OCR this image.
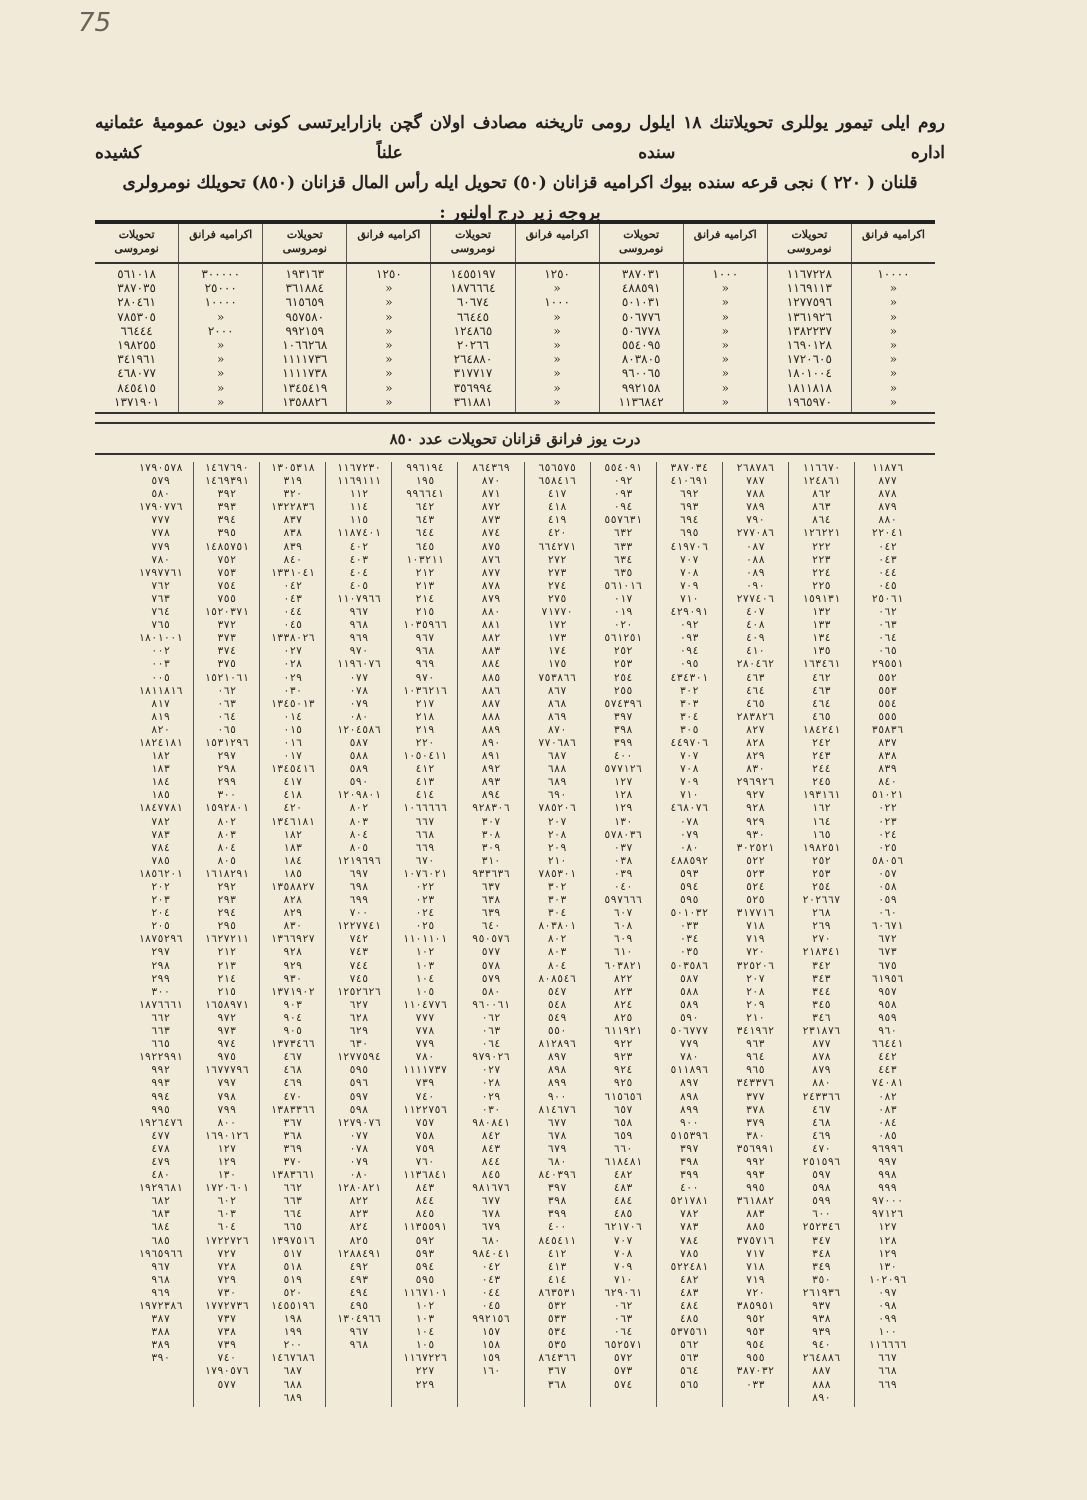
75
روم ایلی تیمور یوللری تحویلاتنك ١٨ ایلول رومی تاریخنه مصادف اولان گچن بازارایرتسی کونی دیون عمومیهٔ عثمانیه اداره سنده علناً کشیده
قلنان ( ٢٢٠ ) نجی قرعه سنده بیوك اکرامیه قزانان (٥٠) تحویل ایله رأس المال قزانان (٨٥٠) تحویلك نومرولری
بروجه زیر درج اولنور :
اکرامیه فرانق
تحویلات نومروسی
اکرامیه فرانق
تحویلات نومروسی
اکرامیه فرانق
تحویلات نومروسی
اکرامیه فرانق
تحویلات نومروسی
اکرامیه فرانق
تحویلات نومروسی
١٠٠٠٠
»
»
»
»
»
»
»
»
»
١١٦٧٢٢٨
١١٦٩١١٣
١٢٧٧٥٩٦
١٣٦١٩٢٦
١٣٨٢٢٣٧
١٦٩٠١٢٨
١٧٢٠٦٠٥
١٨٠١٠٠٤
١٨١١٨١٨
١٩٦٥٩٧٠
١٠٠٠
»
»
»
»
»
»
»
»
»
٣٨٧٠٣١
٤٨٨٥٩١
٥٠١٠٣١
٥٠٦٧٧٦
٥٠٦٧٧٨
٥٥٤٠٩٥
٨٠٣٨٠٥
٩٦٠٠٦٥
٩٩٢١٥٨
١١٣٦٨٤٢
١٢٥٠
»
١٠٠٠
»
»
»
»
»
»
»
١٤٥٥١٩٧
١٨٧٦٦٦٤
٦٠٦٧٤
٦٦٤٤٥
١٢٤٨٦٥
٢٠٢٦٦
٢٦٤٨٨٠
٣١٧٧١٧
٣٥٦٩٩٤
٣٦١٨٨١
١٢٥٠
»
»
»
»
»
»
»
»
»
١٩٣١٦٣
٣٦١٨٨٤
٦١٥٦٥٩
٩٥٧٥٨٠
٩٩٢١٥٩
١٠٦٦٢٦٨
١١١١٧٣٦
١١١١٧٣٨
١٣٤٥٤١٩
١٣٥٨٨٢٦
٣٠٠٠٠٠
٢٥٠٠٠
١٠٠٠٠
»
٢٠٠٠
»
»
»
»
»
٥٦١٠١٨
٣٨٧٠٣٥
٢٨٠٤٦١
٧٨٥٣٠٥
٦٦٤٤٤
١٩٨٢٥٥
٣٤١٩٦١
٤٦٨٠٧٧
٨٤٥٤١٥
١٣٧١٩٠١
درت یوز فرانق قزانان تحویلات عدد ٨٥٠
١١٨٧٦
٨٧٧
٨٧٨
٨٧٩
٨٨٠
٢٢٠٤١
٠٤٢
٠٤٣
٠٤٤
٠٤٥
٢٥٠٦١
٠٦٢
٠٦٣
٠٦٤
٠٦٥
٢٩٥٥١
٥٥٢
٥٥٣
٥٥٤
٥٥٥
٣٥٨٣٦
٨٣٧
٨٣٨
٨٣٩
٨٤٠
٥١٠٢١
٠٢٢
٠٢٣
٠٢٤
٠٢٥
٥٨٠٥٦
٠٥٧
٠٥٨
٠٥٩
٠٦٠
٦٠٦٧١
٦٧٢
٦٧٣
٦٧٥
٦١٩٥٦
٩٥٧
٩٥٨
٩٥٩
٩٦٠
٦٦٤٤١
٤٤٢
٤٤٣
٧٤٠٨١
٠٨٢
٠٨٣
٠٨٤
٠٨٥
٩٦٩٩٦
٩٩٧
٩٩٨
٩٩٩
٩٧٠٠٠
٩٧١٢٦
١٢٧
١٢٨
١٢٩
١٣٠
١٠٢٠٩٦
٠٩٧
٠٩٨
٠٩٩
١٠٠
١١٦٦٦٦
٦٦٧
٦٦٨
٦٦٩
١١٦٦٧٠
١٢٤٨٦١
٨٦٢
٨٦٣
٨٦٤
١٢٦٢٢١
٢٢٢
٢٢٣
٢٢٤
٢٢٥
١٥٩١٣١
١٣٢
١٣٣
١٣٤
١٣٥
١٦٣٤٦١
٤٦٢
٤٦٣
٤٦٤
٤٦٥
١٨٤٢٤١
٢٤٢
٢٤٣
٢٤٤
٢٤٥
١٩٣١٦١
١٦٢
١٦٤
١٦٥
١٩٨٢٥١
٢٥٢
٢٥٣
٢٥٤
٢٠٢٦٦٧
٢٦٨
٢٦٩
٢٧٠
٢١٨٣٤١
٣٤٢
٣٤٣
٣٤٤
٣٤٥
٣٤٦
٢٣١٨٧٦
٨٧٧
٨٧٨
٨٧٩
٨٨٠
٢٤٣٣٦٦
٤٦٧
٤٦٨
٤٦٩
٤٧٠
٢٥١٥٩٦
٥٩٧
٥٩٨
٥٩٩
٦٠٠
٢٥٢٣٤٦
٣٤٧
٣٤٨
٣٤٩
٣٥٠
٢٦١٩٣٦
٩٣٧
٩٣٨
٩٣٩
٩٤٠
٢٦٤٨٨٦
٨٨٧
٨٨٨
٨٩٠
٢٦٨٧٨٦
٧٨٧
٧٨٨
٧٨٩
٧٩٠
٢٧٧٠٨٦
٠٨٧
٠٨٨
٠٨٩
٠٩٠
٢٧٧٤٠٦
٤٠٧
٤٠٨
٤٠٩
٤١٠
٢٨٠٤٦٢
٤٦٣
٤٦٤
٤٦٥
٢٨٣٨٢٦
٨٢٧
٨٢٨
٨٢٩
٨٣٠
٢٩٦٩٢٦
٩٢٧
٩٢٨
٩٢٩
٩٣٠
٣٠٢٥٢١
٥٢٢
٥٢٣
٥٢٤
٥٢٥
٣١٧٧١٦
٧١٨
٧١٩
٧٢٠
٣٢٥٢٠٦
٢٠٧
٢٠٨
٢٠٩
٢١٠
٣٤١٩٦٢
٩٦٣
٩٦٤
٩٦٥
٣٤٣٣٧٦
٣٧٧
٣٧٨
٣٧٩
٣٨٠
٣٥٦٩٩١
٩٩٢
٩٩٣
٩٩٥
٣٦١٨٨٢
٨٨٣
٨٨٥
٣٧٥٧١٦
٧١٧
٧١٨
٧١٩
٧٢٠
٣٨٥٩٥١
٩٥٢
٩٥٣
٩٥٤
٩٥٥
٣٨٧٠٣٢
٠٣٣
٣٨٧٠٣٤
٤١٠٦٩١
٦٩٢
٦٩٣
٦٩٤
٦٩٥
٤١٩٧٠٦
٧٠٧
٧٠٨
٧٠٩
٧١٠
٤٢٩٠٩١
٠٩٢
٠٩٣
٠٩٤
٠٩٥
٤٣٤٣٠١
٣٠٢
٣٠٣
٣٠٤
٣٠٥
٤٤٩٧٠٦
٧٠٧
٧٠٨
٧٠٩
٧١٠
٤٦٨٠٧٦
٠٧٨
٠٧٩
٠٨٠
٤٨٨٥٩٢
٥٩٣
٥٩٤
٥٩٥
٥٠١٠٣٢
٠٣٣
٠٣٤
٠٣٥
٥٠٣٥٨٦
٥٨٧
٥٨٨
٥٨٩
٥٩٠
٥٠٦٧٧٧
٧٧٩
٧٨٠
٥١١٨٩٦
٨٩٧
٨٩٨
٨٩٩
٩٠٠
٥١٥٣٩٦
٣٩٧
٣٩٨
٣٩٩
٤٠٠
٥٢١٧٨١
٧٨٢
٧٨٣
٧٨٤
٧٨٥
٥٢٢٤٨١
٤٨٢
٤٨٣
٤٨٤
٤٨٥
٥٣٧٥٦١
٥٦٢
٥٦٣
٥٦٤
٥٦٥
٥٥٤٠٩١
٠٩٢
٠٩٣
٠٩٤
٥٥٧٦٣١
٦٣٢
٦٣٣
٦٣٤
٦٣٥
٥٦١٠١٦
٠١٧
٠١٩
٠٢٠
٥٦١٢٥١
٢٥٢
٢٥٣
٢٥٤
٢٥٥
٥٧٤٣٩٦
٣٩٧
٣٩٨
٣٩٩
٤٠٠
٥٧٧١٢٦
١٢٧
١٢٨
١٢٩
١٣٠
٥٧٨٠٣٦
٠٣٧
٠٣٨
٠٣٩
٠٤٠
٥٩٧٦٦٦
٦٠٧
٦٠٨
٦٠٩
٦١٠
٦٠٣٨٢١
٨٢٢
٨٢٣
٨٢٤
٨٢٥
٦١١٩٢١
٩٢٢
٩٢٣
٩٢٤
٩٢٥
٦١٥٦٥٦
٦٥٧
٦٥٨
٦٥٩
٦٦٠
٦١٨٤٨١
٤٨٢
٤٨٣
٤٨٤
٤٨٥
٦٢١٧٠٦
٧٠٧
٧٠٨
٧٠٩
٧١٠
٦٢٩٠٦١
٠٦٢
٠٦٣
٠٦٤
٦٥٢٥٧١
٥٧٢
٥٧٣
٥٧٤
٦٥٦٥٧٥
٦٥٨٤١٦
٤١٧
٤١٨
٤١٩
٤٢٠
٦٦٤٢٧١
٢٧٢
٢٧٣
٢٧٤
٢٧٥
٧١٧٧٠
١٧٢
١٧٣
١٧٤
١٧٥
٧٥٣٨٦٦
٨٦٧
٨٦٨
٨٦٩
٨٧٠
٧٧٠٦٨٦
٦٨٧
٦٨٨
٦٨٩
٦٩٠
٧٨٥٢٠٦
٢٠٧
٢٠٨
٢٠٩
٢١٠
٧٨٥٣٠١
٣٠٢
٣٠٣
٣٠٤
٨٠٣٨٠١
٨٠٢
٨٠٣
٨٠٤
٨٠٨٥٤٦
٥٤٧
٥٤٨
٥٤٩
٥٥٠
٨١٢٨٩٦
٨٩٧
٨٩٨
٨٩٩
٩٠٠
٨١٤٦٧٦
٦٧٧
٦٧٨
٦٧٩
٦٨٠
٨٤٠٣٩٦
٣٩٧
٣٩٨
٣٩٩
٤٠٠
٨٤٥٤١١
٤١٢
٤١٣
٤١٤
٨٦٣٥٣١
٥٣٢
٥٣٣
٥٣٤
٥٣٥
٨٦٤٣٦٦
٣٦٧
٣٦٨
٨٦٤٣٦٩
٨٧٠
٨٧١
٨٧٢
٨٧٣
٨٧٤
٨٧٥
٨٧٦
٨٧٧
٨٧٨
٨٧٩
٨٨٠
٨٨١
٨٨٢
٨٨٣
٨٨٤
٨٨٥
٨٨٦
٨٨٧
٨٨٨
٨٨٩
٨٩٠
٨٩١
٨٩٢
٨٩٣
٨٩٤
٩٢٨٣٠٦
٣٠٧
٣٠٨
٣٠٩
٣١٠
٩٣٣٦٣٦
٦٣٧
٦٣٨
٦٣٩
٦٤٠
٩٥٠٥٧٦
٥٧٧
٥٧٨
٥٧٩
٥٨٠
٩٦٠٠٦١
٠٦٢
٠٦٣
٠٦٤
٩٧٩٠٢٦
٠٢٧
٠٢٨
٠٢٩
٠٣٠
٩٨٠٨٤١
٨٤٢
٨٤٣
٨٤٤
٨٤٥
٩٨١٦٧٦
٦٧٧
٦٧٨
٦٧٩
٦٨٠
٩٨٤٠٤١
٠٤٢
٠٤٣
٠٤٤
٠٤٥
٩٩٢١٥٦
١٥٧
١٥٨
١٥٩
١٦٠
٩٩٦١٩٤
١٩٥
٩٩٦٦٤١
٦٤٢
٦٤٣
٦٤٤
٦٤٥
١٠٣٢١١
٢١٢
٢١٣
٢١٤
٢١٥
١٠٣٥٩٦٦
٩٦٧
٩٦٨
٩٦٩
٩٧٠
١٠٣٦٢١٦
٢١٧
٢١٨
٢١٩
٢٢٠
١٠٥٠٤١١
٤١٢
٤١٣
٤١٤
١٠٦٦٦٦٦
٦٦٧
٦٦٨
٦٦٩
٦٧٠
١٠٧٦٠٢١
٠٢٢
٠٢٣
٠٢٤
٠٢٥
١١٠١١٠١
١٠٢
١٠٣
١٠٤
١٠٥
١١٠٤٧٧٦
٧٧٧
٧٧٨
٧٧٩
٧٨٠
١١١١٧٣٧
٧٣٩
٧٤٠
١١٢٢٧٥٦
٧٥٧
٧٥٨
٧٥٩
٧٦٠
١١٣٦٨٤١
٨٤٣
٨٤٤
٨٤٥
١١٣٥٥٩١
٥٩٢
٥٩٣
٥٩٤
٥٩٥
١١٦٧١٠١
١٠٢
١٠٣
١٠٤
١٠٥
١١٦٧٢٢٦
٢٢٧
٢٢٩
١١٦٧٢٣٠
١١٦٩١١١
١١٢
١١٤
١١٥
١١٨٧٤٠١
٤٠٢
٤٠٣
٤٠٤
٤٠٥
١١٠٧٩٦٦
٩٦٧
٩٦٨
٩٦٩
٩٧٠
١١٩٦٠٧٦
٠٧٧
٠٧٨
٠٧٩
٠٨٠
١٢٠٤٥٨٦
٥٨٧
٥٨٨
٥٨٩
٥٩٠
١٢٠٩٨٠١
٨٠٢
٨٠٣
٨٠٤
٨٠٥
١٢١٩٦٩٦
٦٩٧
٦٩٨
٦٩٩
٧٠٠
١٢٢٧٧٤١
٧٤٢
٧٤٣
٧٤٤
٧٤٥
١٢٥٢٦٢٦
٦٢٧
٦٢٨
٦٢٩
٦٣٠
١٢٧٧٥٩٤
٥٩٥
٥٩٦
٥٩٧
٥٩٨
١٢٧٩٠٧٦
٠٧٧
٠٧٨
٠٧٩
٠٨٠
١٢٨٠٨٢١
٨٢٢
٨٢٣
٨٢٤
٨٢٥
١٢٨٨٤٩١
٤٩٢
٤٩٣
٤٩٤
٤٩٥
١٣٠٤٩٦٦
٩٦٧
٩٦٨
١٣٠٥٣١٨
٣١٩
٣٢٠
١٣٢٢٨٣٦
٨٣٧
٨٣٨
٨٣٩
٨٤٠
١٣٣١٠٤١
٠٤٢
٠٤٣
٠٤٤
٠٤٥
١٣٣٨٠٢٦
٠٢٧
٠٢٨
٠٢٩
٠٣٠
١٣٤٥٠١٣
٠١٤
٠١٥
٠١٦
٠١٧
١٣٤٥٤١٦
٤١٧
٤١٨
٤٢٠
١٣٤٦١٨١
١٨٢
١٨٣
١٨٤
١٨٥
١٣٥٨٨٢٧
٨٢٨
٨٢٩
٨٣٠
١٣٦٦٩٢٧
٩٢٨
٩٢٩
٩٣٠
١٣٧١٩٠٢
٩٠٣
٩٠٤
٩٠٥
١٣٧٣٤٦٦
٤٦٧
٤٦٨
٤٦٩
٤٧٠
١٣٨٣٣٦٦
٣٦٧
٣٦٨
٣٦٩
٣٧٠
١٣٨٣٦٦١
٦٦٢
٦٦٣
٦٦٤
٦٦٥
١٣٩٧٥١٦
٥١٧
٥١٨
٥١٩
٥٢٠
١٤٥٥١٩٦
١٩٨
١٩٩
٢٠٠
١٤٦٧٦٨٦
٦٨٧
٦٨٨
٦٨٩
١٤٦٧٦٩٠
١٤٦٩٣٩١
٣٩٢
٣٩٣
٣٩٤
٣٩٥
١٤٨٥٧٥١
٧٥٢
٧٥٣
٧٥٤
٧٥٥
١٥٢٠٣٧١
٣٧٢
٣٧٣
٣٧٤
٣٧٥
١٥٢١٠٦١
٠٦٢
٠٦٣
٠٦٤
٠٦٥
١٥٣١٢٩٦
٢٩٧
٢٩٨
٢٩٩
٣٠٠
١٥٩٢٨٠١
٨٠٢
٨٠٣
٨٠٤
٨٠٥
١٦١٨٢٩١
٢٩٢
٢٩٣
٢٩٤
٢٩٥
١٦٢٧٢١١
٢١٢
٢١٣
٢١٤
٢١٥
١٦٥٨٩٧١
٩٧٢
٩٧٣
٩٧٤
٩٧٥
١٦٧٧٧٩٦
٧٩٧
٧٩٨
٧٩٩
٨٠٠
١٦٩٠١٢٦
١٢٧
١٢٩
١٣٠
١٧٢٠٦٠١
٦٠٢
٦٠٣
٦٠٤
١٧٢٢٧٢٦
٧٢٧
٧٢٨
٧٢٩
٧٣٠
١٧٧٢٧٣٦
٧٣٧
٧٣٨
٧٣٩
٧٤٠
١٧٩٠٥٧٦
٥٧٧
١٧٩٠٥٧٨
٥٧٩
٥٨٠
١٧٩٠٧٧٦
٧٧٧
٧٧٨
٧٧٩
٧٨٠
١٧٩٧٧٦١
٧٦٢
٧٦٣
٧٦٤
٧٦٥
١٨٠١٠٠١
٠٠٢
٠٠٣
٠٠٥
١٨١١٨١٦
٨١٧
٨١٩
٨٢٠
١٨٢٤١٨١
١٨٢
١٨٣
١٨٤
١٨٥
١٨٤٧٧٨١
٧٨٢
٧٨٣
٧٨٤
٧٨٥
١٨٥٦٢٠١
٢٠٢
٢٠٣
٢٠٤
٢٠٥
١٨٧٥٢٩٦
٢٩٧
٢٩٨
٢٩٩
٣٠٠
١٨٧٦٦٦١
٦٦٢
٦٦٣
٦٦٥
١٩٢٢٩٩١
٩٩٢
٩٩٣
٩٩٤
٩٩٥
١٩٢٦٤٧٦
٤٧٧
٤٧٨
٤٧٩
٤٨٠
١٩٢٩٦٨١
٦٨٢
٦٨٣
٦٨٤
٦٨٥
١٩٦٥٩٦٦
٩٦٧
٩٦٨
٩٦٩
١٩٧٢٣٨٦
٣٨٧
٣٨٨
٣٨٩
٣٩٠
